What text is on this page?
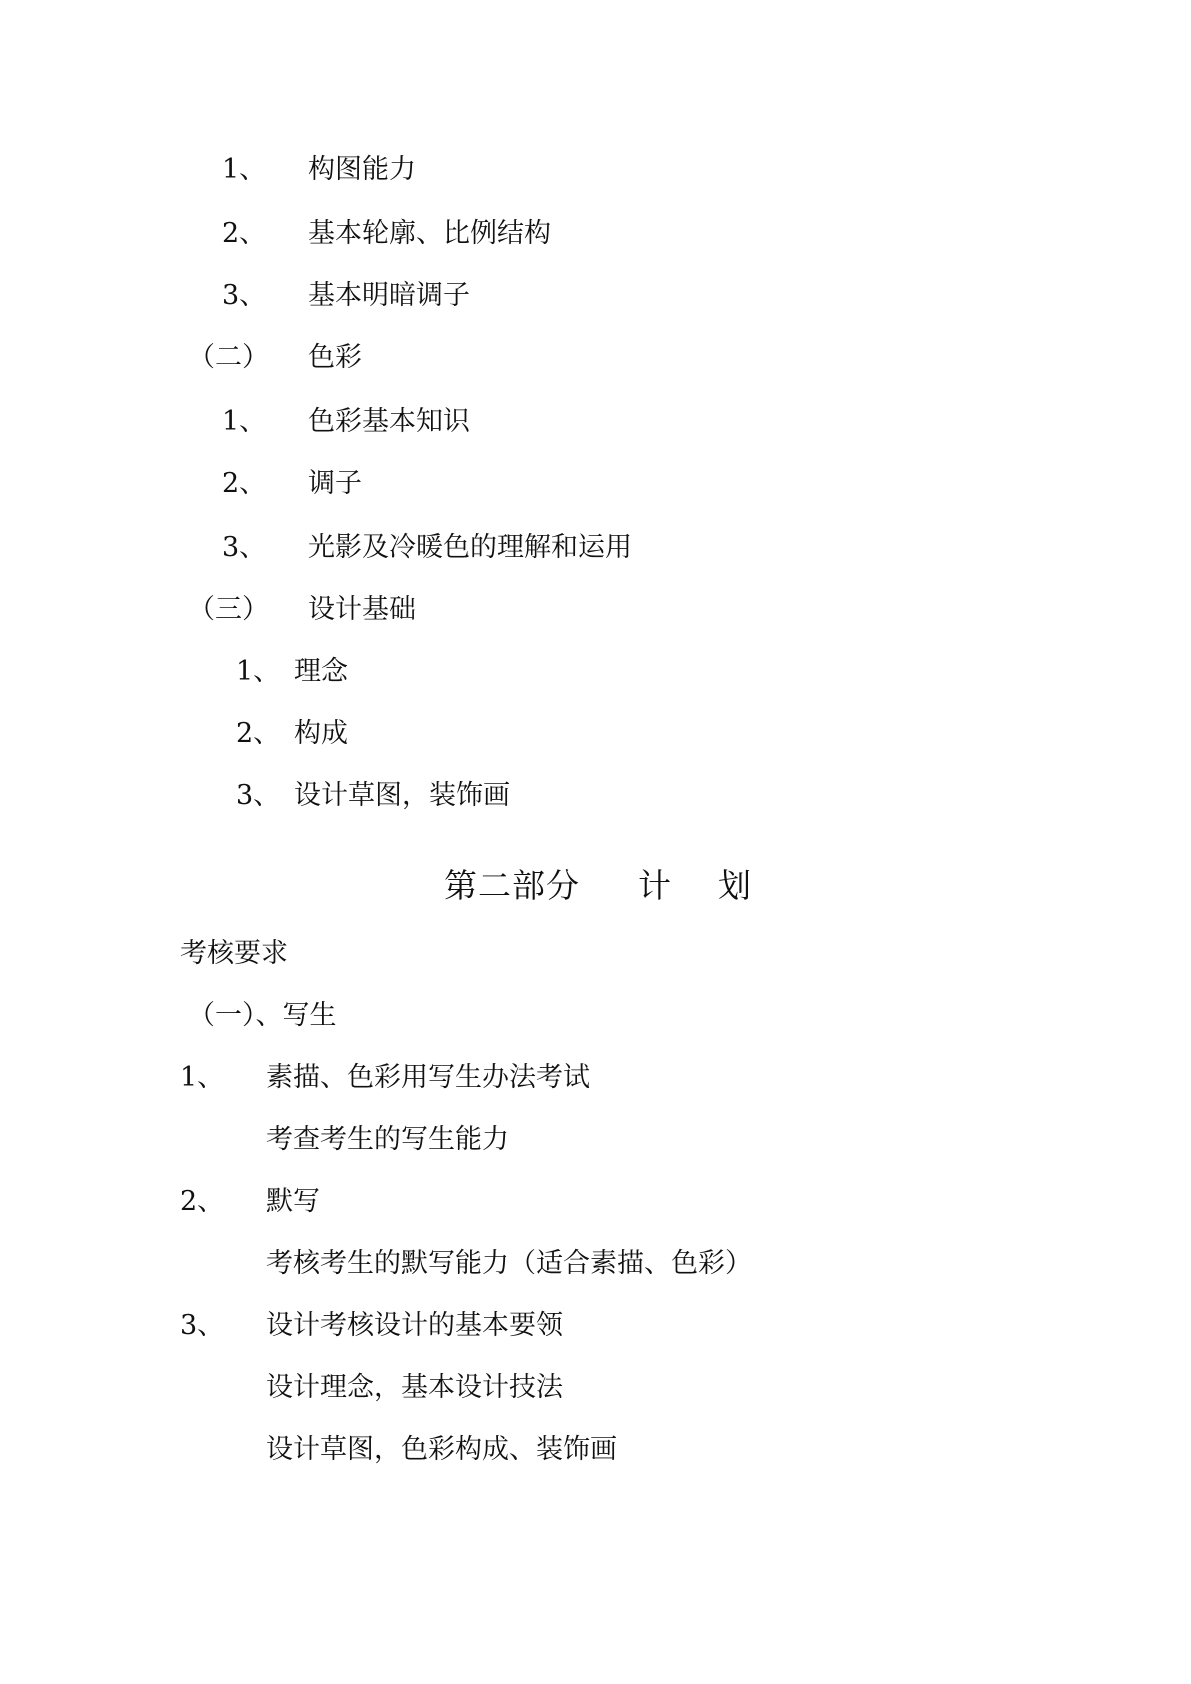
1、 构图能力
2、 基本轮廓、比例结构
3、 基本明暗调子
（二） 色彩
1、 色彩基本知识
2、 调子
3、 光影及冷暖色的理解和运用
（三） 设计基础
1、 理念
2、 构成
3、 设计草图，装饰画
第二部分 计 划
考核要求
（一）、写生
1、 素描、色彩用写生办法考试
考查考生的写生能力
2、 默写
考核考生的默写能力（适合素描、色彩）
3、 设计考核设计的基本要领
设计理念，基本设计技法
设计草图，色彩构成、装饰画
